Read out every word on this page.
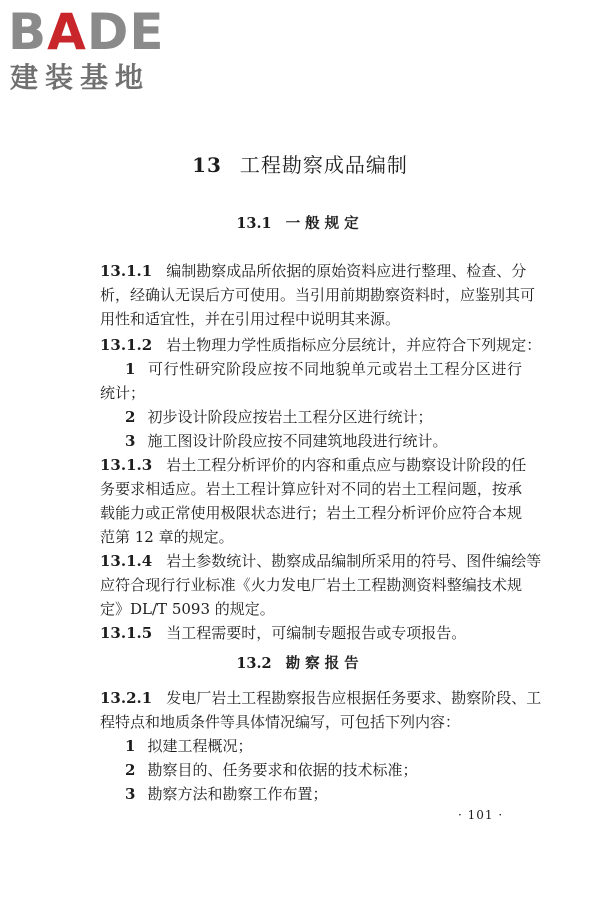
BADE
建装基地
13 工程勘察成品编制
13.1 一般规定
13.1.1 编制勘察成品所依据的原始资料应进行整理、检查、分
析，经确认无误后方可使用。当引用前期勘察资料时，应鉴别其可
用性和适宜性，并在引用过程中说明其来源。
13.1.2 岩土物理力学性质指标应分层统计，并应符合下列规定：
1 可行性研究阶段应按不同地貌单元或岩土工程分区进行
统计；
2 初步设计阶段应按岩土工程分区进行统计；
3 施工图设计阶段应按不同建筑地段进行统计。
13.1.3 岩土工程分析评价的内容和重点应与勘察设计阶段的任
务要求相适应。岩土工程计算应针对不同的岩土工程问题，按承
载能力或正常使用极限状态进行；岩土工程分析评价应符合本规
范第 12 章的规定。
13.1.4 岩土参数统计、勘察成品编制所采用的符号、图件编绘等
应符合现行行业标准《火力发电厂岩土工程勘测资料整编技术规
定》DL/T 5093 的规定。
13.1.5 当工程需要时，可编制专题报告或专项报告。
13.2 勘察报告
13.2.1 发电厂岩土工程勘察报告应根据任务要求、勘察阶段、工
程特点和地质条件等具体情况编写，可包括下列内容：
1 拟建工程概况；
2 勘察目的、任务要求和依据的技术标准；
3 勘察方法和勘察工作布置；
· 101 ·
